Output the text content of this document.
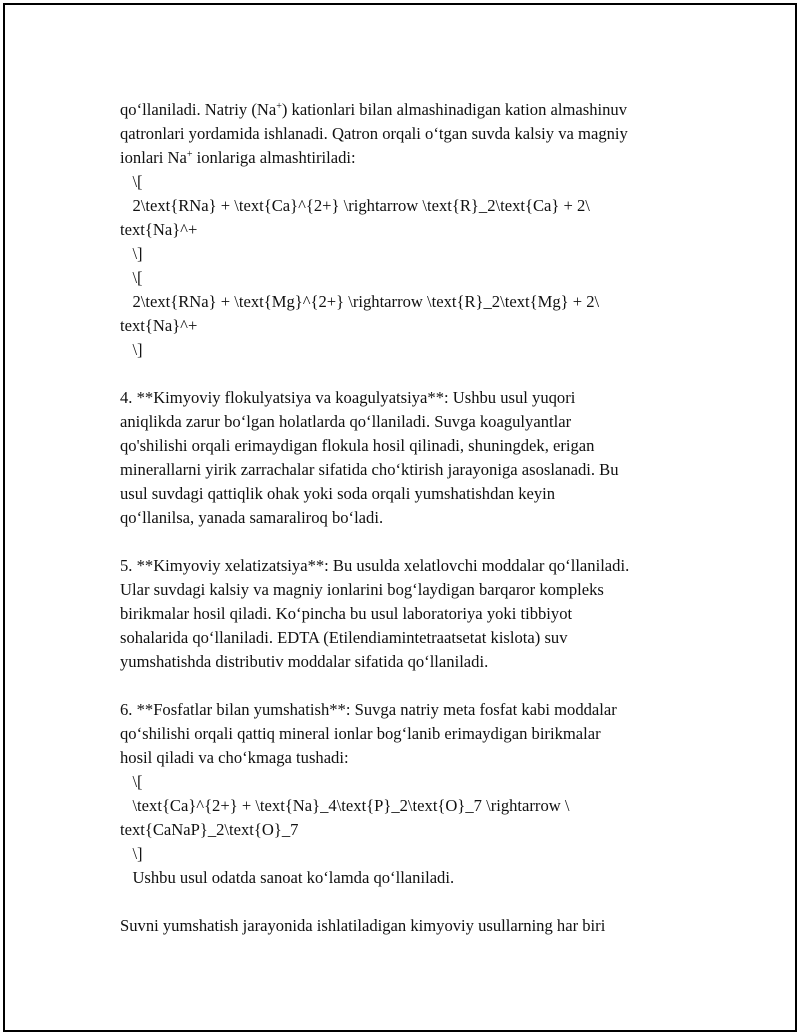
qo‘llaniladi. Natriy (Na+) kationlari bilan almashinadigan kation almashinuv
qatronlari yordamida ishlanadi. Qatron orqali o‘tgan suvda kalsiy va magniy
ionlari Na+ ionlariga almashtiriladi:
\[
2\text{RNa} + \text{Ca}^{2+} \rightarrow \text{R}_2\text{Ca} + 2\
text{Na}^+
\]
\[
2\text{RNa} + \text{Mg}^{2+} \rightarrow \text{R}_2\text{Mg} + 2\
text{Na}^+
\]
4. **Kimyoviy flokulyatsiya va koagulyatsiya**: Ushbu usul yuqori
aniqlikda zarur bo‘lgan holatlarda qo‘llaniladi. Suvga koagulyantlar
qo'shilishi orqali erimaydigan flokula hosil qilinadi, shuningdek, erigan
minerallarni yirik zarrachalar sifatida cho‘ktirish jarayoniga asoslanadi. Bu
usul suvdagi qattiqlik ohak yoki soda orqali yumshatishdan keyin
qo‘llanilsa, yanada samaraliroq bo‘ladi.
5. **Kimyoviy xelatizatsiya**: Bu usulda xelatlovchi moddalar qo‘llaniladi.
Ular suvdagi kalsiy va magniy ionlarini bog‘laydigan barqaror kompleks
birikmalar hosil qiladi. Ko‘pincha bu usul laboratoriya yoki tibbiyot
sohalarida qo‘llaniladi. EDTA (Etilendiamintetraatsetat kislota) suv
yumshatishda distributiv moddalar sifatida qo‘llaniladi.
6. **Fosfatlar bilan yumshatish**: Suvga natriy meta fosfat kabi moddalar
qo‘shilishi orqali qattiq mineral ionlar bog‘lanib erimaydigan birikmalar
hosil qiladi va cho‘kmaga tushadi:
\[
\text{Ca}^{2+} + \text{Na}_4\text{P}_2\text{O}_7 \rightarrow \
text{CaNaP}_2\text{O}_7
\]
Ushbu usul odatda sanoat ko‘lamda qo‘llaniladi.
Suvni yumshatish jarayonida ishlatiladigan kimyoviy usullarning har biri
